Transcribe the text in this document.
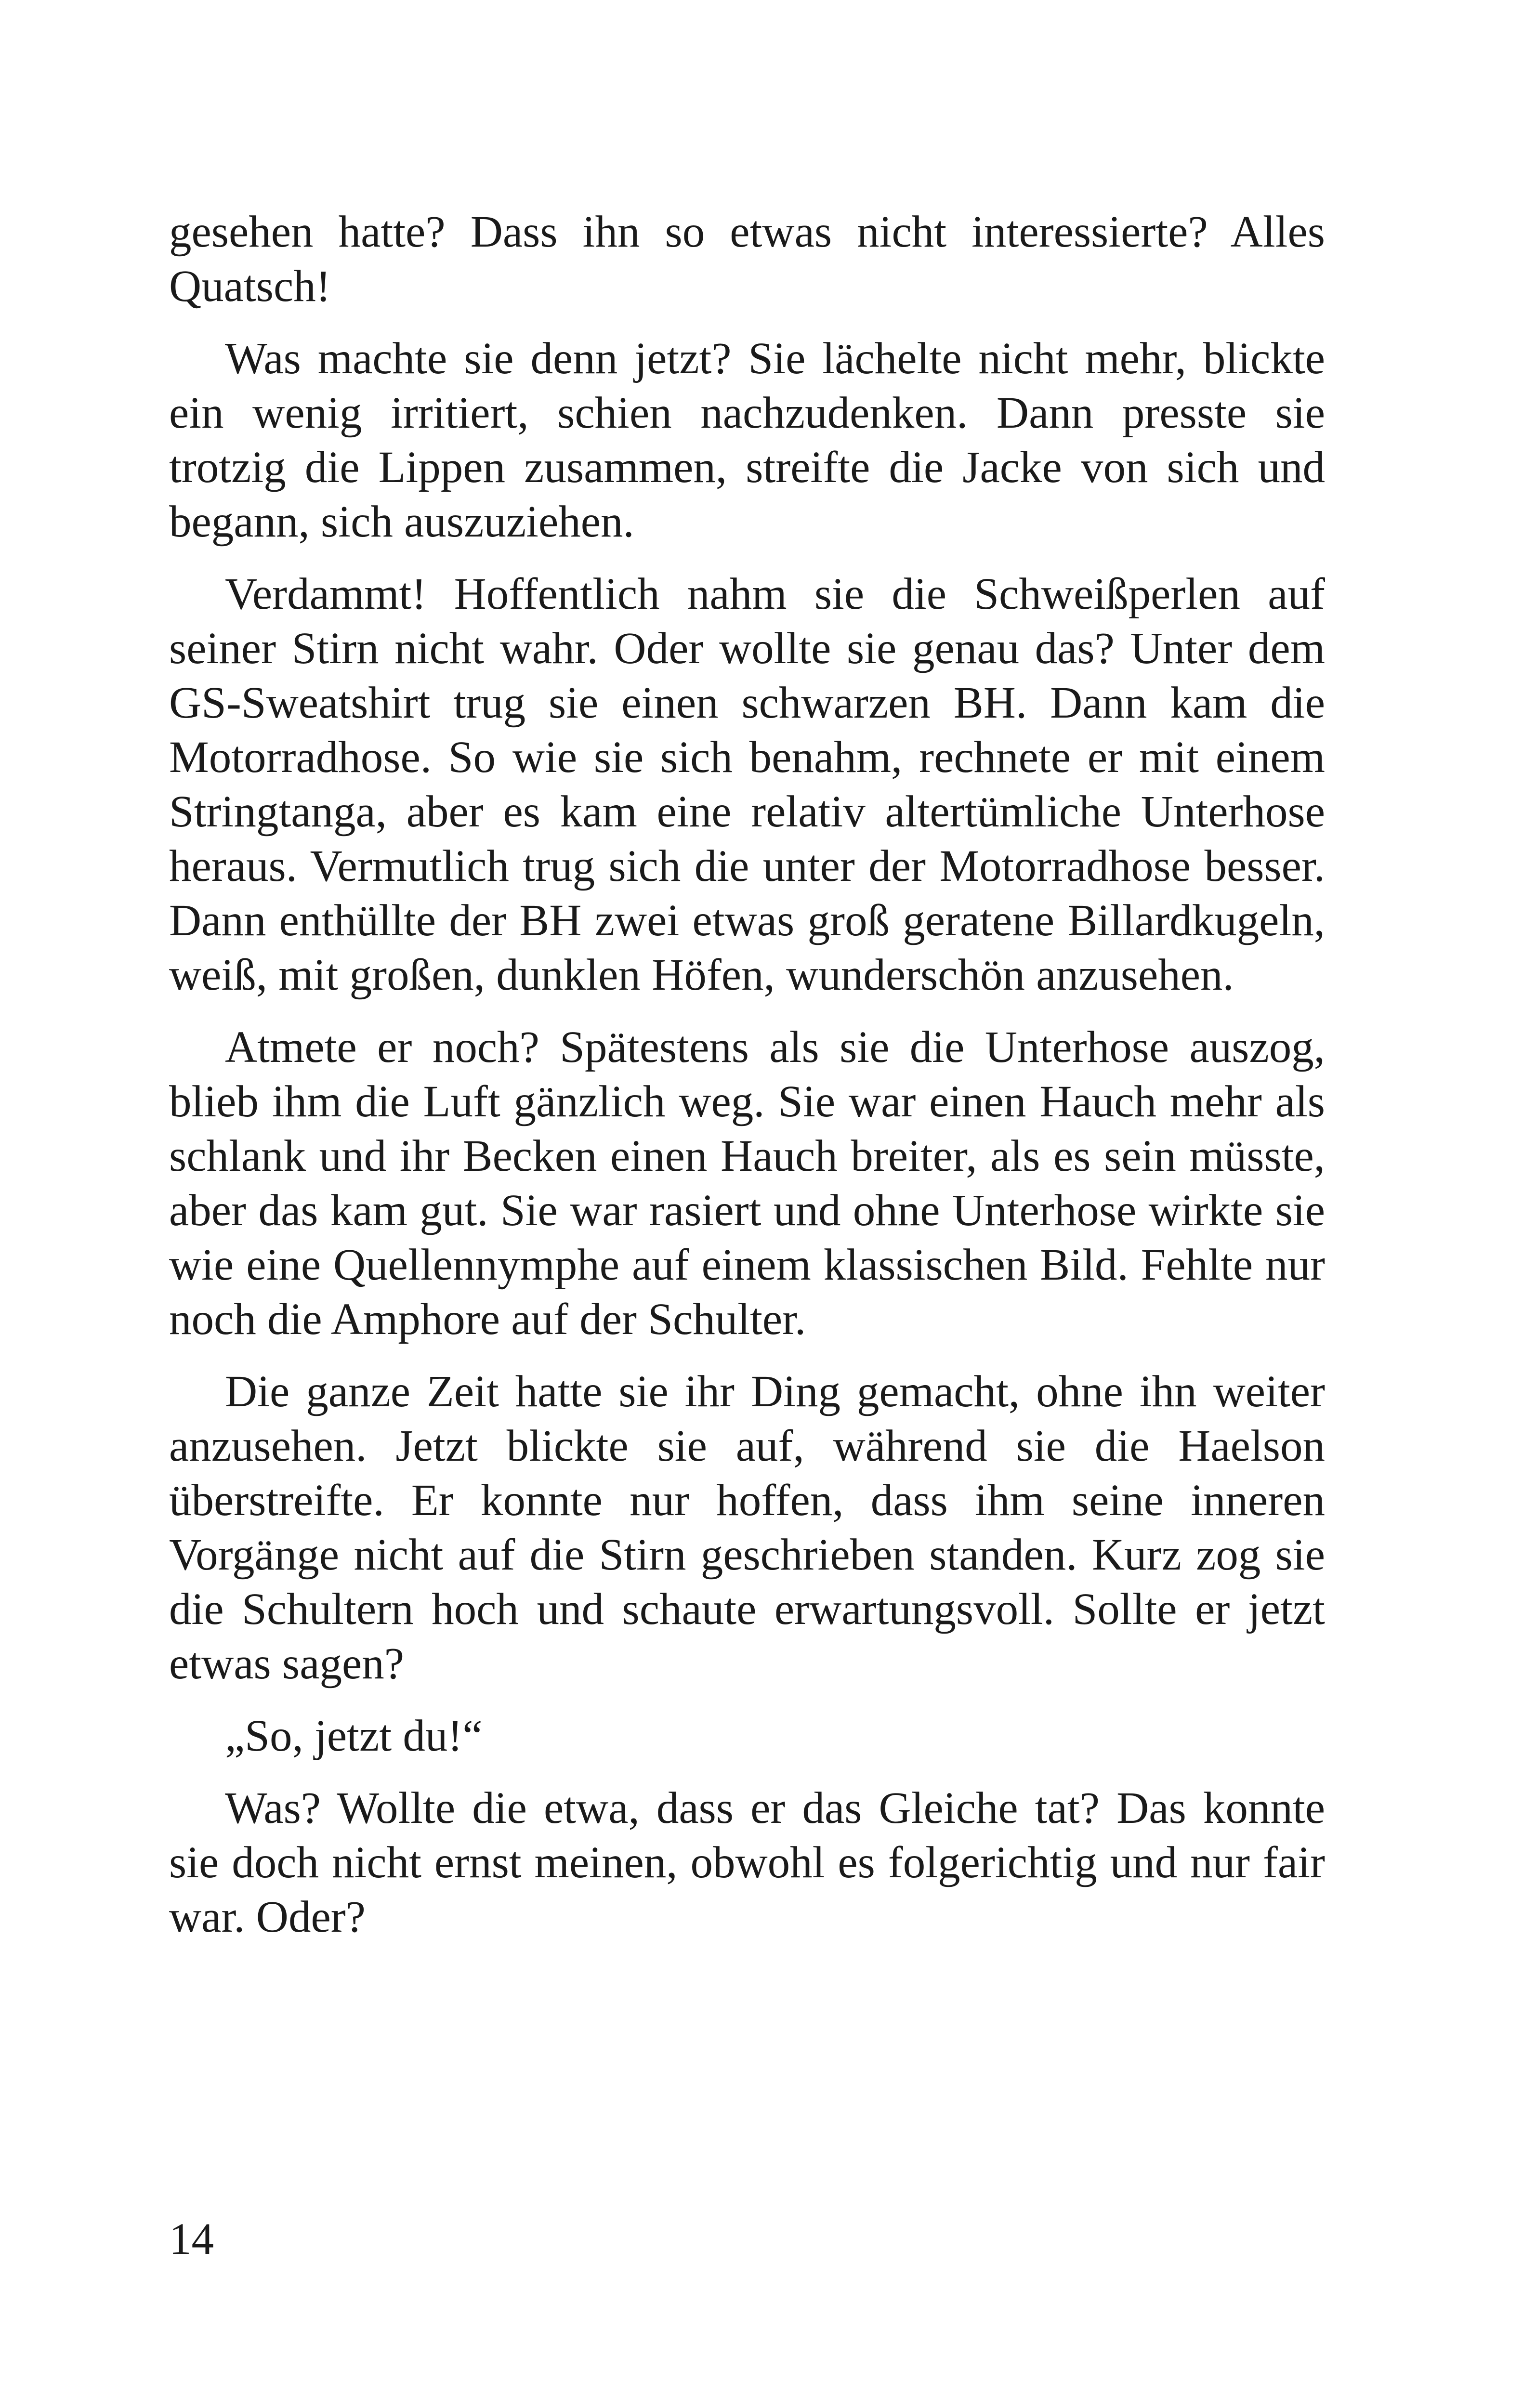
gesehen hatte? Dass ihn so etwas nicht interessierte? Alles Quatsch!

Was machte sie denn jetzt? Sie lächelte nicht mehr, blickte ein wenig irritiert, schien nachzudenken. Dann presste sie trotzig die Lippen zusammen, streifte die Jacke von sich und begann, sich auszuziehen.

Verdammt! Hoffentlich nahm sie die Schweißperlen auf seiner Stirn nicht wahr. Oder wollte sie genau das? Unter dem GS-Sweatshirt trug sie einen schwarzen BH. Dann kam die Motorradhose. So wie sie sich benahm, rechnete er mit einem Stringtanga, aber es kam eine relativ altertümliche Unterhose heraus. Vermutlich trug sich die unter der Motorradhose besser. Dann enthüllte der BH zwei etwas groß geratene Billardkugeln, weiß, mit großen, dunklen Höfen, wunderschön anzusehen.

Atmete er noch? Spätestens als sie die Unterhose auszog, blieb ihm die Luft gänzlich weg. Sie war einen Hauch mehr als schlank und ihr Becken einen Hauch breiter, als es sein müsste, aber das kam gut. Sie war rasiert und ohne Unterhose wirkte sie wie eine Quellennymphe auf einem klassischen Bild. Fehlte nur noch die Amphore auf der Schulter.

Die ganze Zeit hatte sie ihr Ding gemacht, ohne ihn weiter anzusehen. Jetzt blickte sie auf, während sie die Haelson überstreifte. Er konnte nur hoffen, dass ihm seine inneren Vorgänge nicht auf die Stirn geschrieben standen. Kurz zog sie die Schultern hoch und schaute erwartungsvoll. Sollte er jetzt etwas sagen?

„So, jetzt du!“

Was? Wollte die etwa, dass er das Gleiche tat? Das konnte sie doch nicht ernst meinen, obwohl es folgerichtig und nur fair war. Oder?

14
